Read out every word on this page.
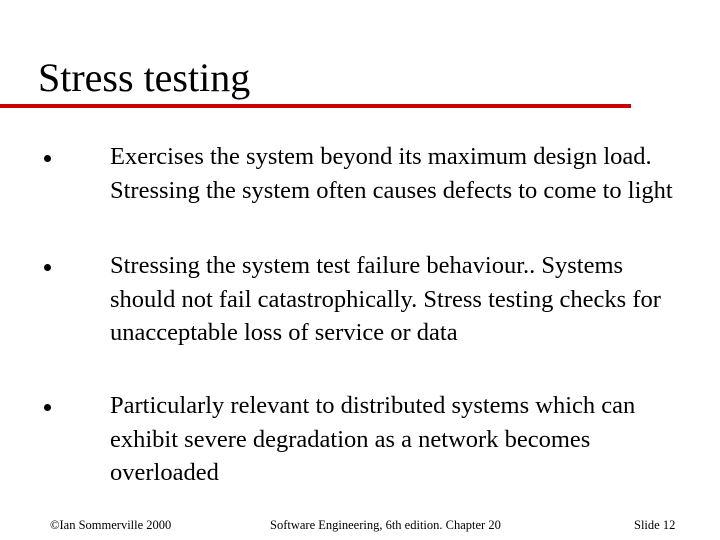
Stress testing
Exercises the system beyond its maximum design load. Stressing the system often causes defects to come to light
Stressing the system test failure behaviour.. Systems should not fail catastrophically. Stress testing checks for unacceptable loss of service or data
Particularly relevant to distributed systems which can exhibit severe degradation as a network becomes overloaded
©Ian Sommerville 2000	Software Engineering, 6th edition. Chapter 20	Slide 12
